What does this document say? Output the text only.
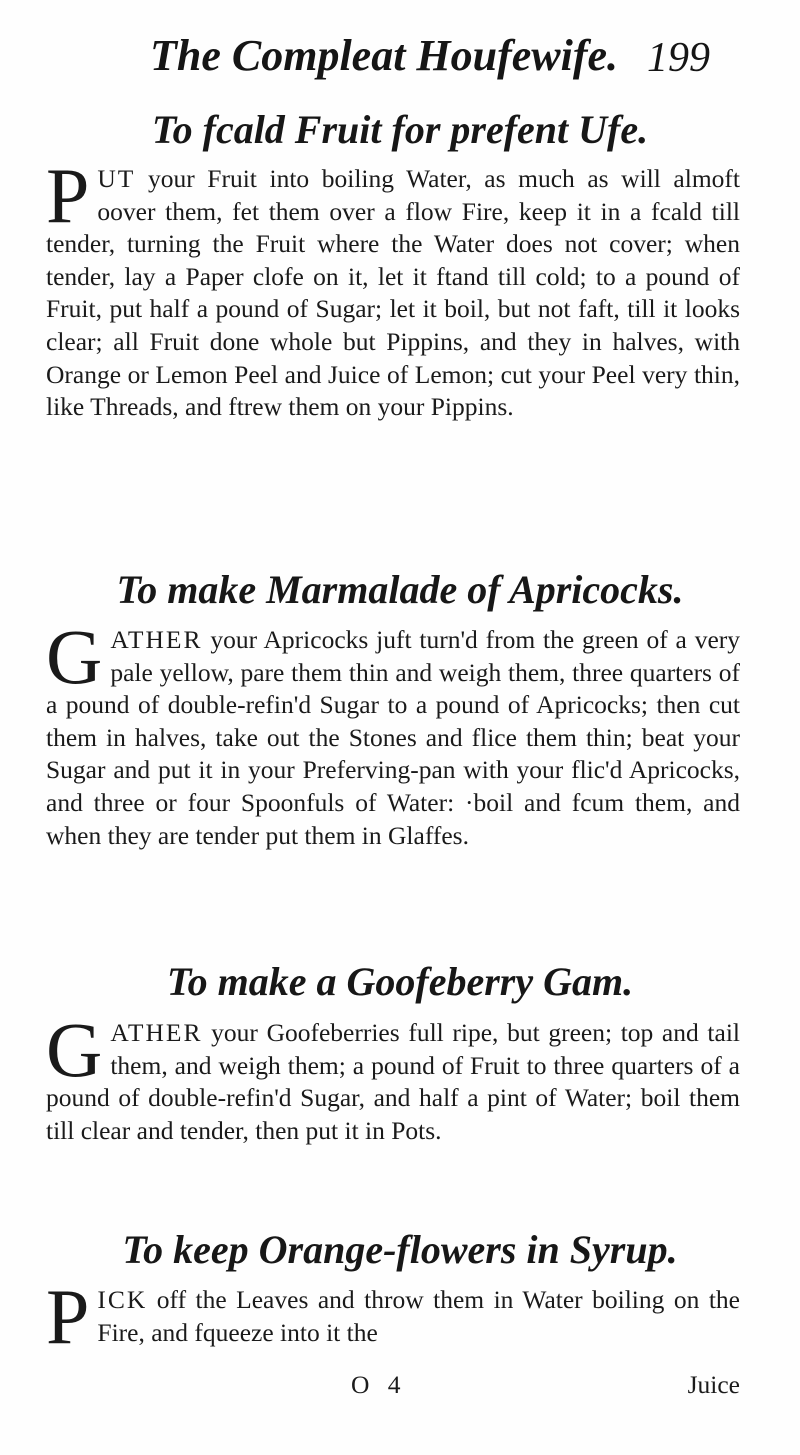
The Compleat Houfewife. 199
To fcald Fruit for prefent Ufe.
PUT your Fruit into boiling Water, as much as will almoft oover them, fet them over a flow Fire, keep it in a fcald till tender, turning the Fruit where the Water does not cover; when tender, lay a Paper clofe on it, let it ftand till cold; to a pound of Fruit, put half a pound of Sugar; let it boil, but not faft, till it looks clear; all Fruit done whole but Pippins, and they in halves, with Orange or Lemon Peel and Juice of Lemon; cut your Peel very thin, like Threads, and ftrew them on your Pippins.
To make Marmalade of Apricocks.
GATHER your Apricocks juft turn'd from the green of a very pale yellow, pare them thin and weigh them, three quarters of a pound of double-refin'd Sugar to a pound of Apricocks; then cut them in halves, take out the Stones and flice them thin; beat your Sugar and put it in your Preferving-pan with your flic'd Apricocks, and three or four Spoonfuls of Water: ·boil and fcum them, and when they are tender put them in Glaffes.
To make a Goofeberry Gam.
GATHER your Goofeberries full ripe, but green; top and tail them, and weigh them; a pound of Fruit to three quarters of a pound of double-refin'd Sugar, and half a pint of Water; boil them till clear and tender, then put it in Pots.
To keep Orange-flowers in Syrup.
PICK off the Leaves and throw them in Water boiling on the Fire, and fqueeze into it the
O 4	Juice
